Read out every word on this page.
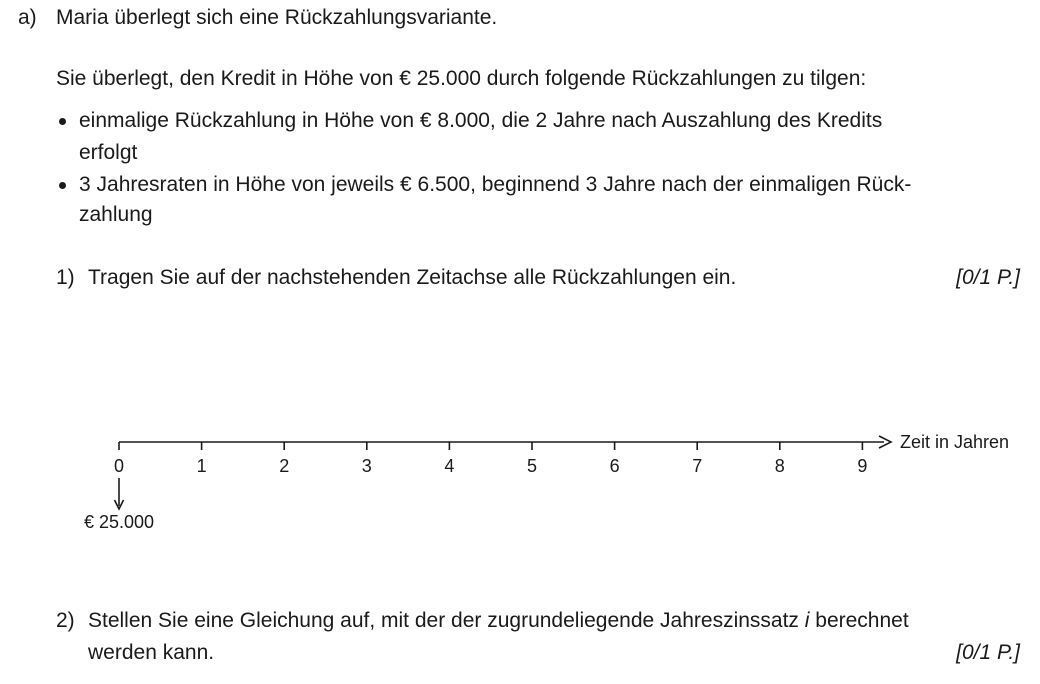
a) Maria überlegt sich eine Rückzahlungsvariante.
Sie überlegt, den Kredit in Höhe von € 25.000 durch folgende Rückzahlungen zu tilgen:
einmalige Rückzahlung in Höhe von € 8.000, die 2 Jahre nach Auszahlung des Kredits
erfolgt
3 Jahresraten in Höhe von jeweils € 6.500, beginnend 3 Jahre nach der einmaligen Rück-
zahlung
1) Tragen Sie auf der nachstehenden Zeitachse alle Rückzahlungen ein.	[0/1 P.]
0	1	2	3	4	5	6	7	8	9
Zeit in Jahren
€ 25.000
2) Stellen Sie eine Gleichung auf, mit der der zugrundeliegende Jahreszinssatz i berechnet
werden kann.	[0/1 P.]
